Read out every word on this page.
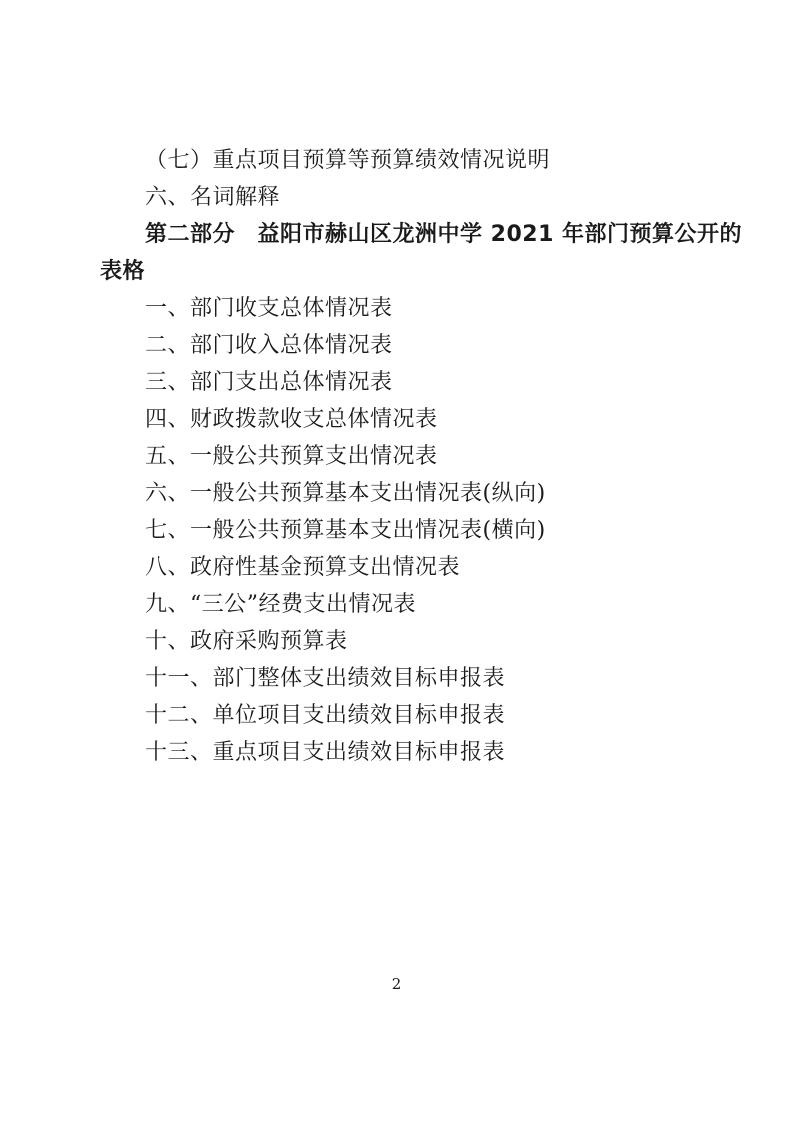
（七）重点项目预算等预算绩效情况说明

六、名词解释

第二部分　益阳市赫山区龙洲中学 2021 年部门预算公开的
表格

一、部门收支总体情况表

二、部门收入总体情况表

三、部门支出总体情况表

四、财政拨款收支总体情况表

五、一般公共预算支出情况表

六、一般公共预算基本支出情况表(纵向)

七、一般公共预算基本支出情况表(横向)

八、政府性基金预算支出情况表

九、“三公”经费支出情况表

十、政府采购预算表

十一、部门整体支出绩效目标申报表

十二、单位项目支出绩效目标申报表

十三、重点项目支出绩效目标申报表

2
